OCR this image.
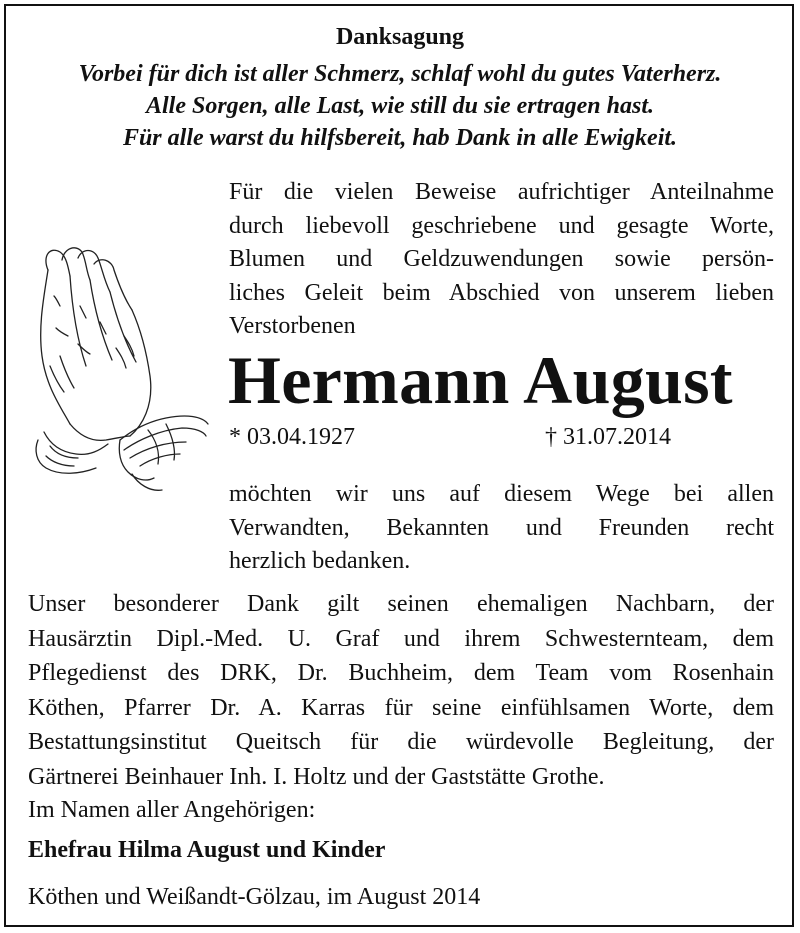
Danksagung
Vorbei für dich ist aller Schmerz, schlaf wohl du gutes Vaterherz.
Alle Sorgen, alle Last, wie still du sie ertragen hast.
Für alle warst du hilfsbereit, hab Dank in alle Ewigkeit.
Für die vielen Beweise aufrichtiger Anteilnahme
durch liebevoll geschriebene und gesagte Worte,
Blumen und Geldzuwendungen sowie persön-
liches Geleit beim Abschied von unserem lieben
Verstorbenen
Hermann August
* 03.04.1927	† 31.07.2014
möchten wir uns auf diesem Wege bei allen
Verwandten, Bekannten und Freunden recht
herzlich bedanken.
Unser besonderer Dank gilt seinen ehemaligen Nachbarn, der
Hausärztin Dipl.-Med. U. Graf und ihrem Schwesternteam, dem
Pflegedienst des DRK, Dr. Buchheim, dem Team vom Rosenhain
Köthen, Pfarrer Dr. A. Karras für seine einfühlsamen Worte, dem
Bestattungsinstitut Queitsch für die würdevolle Begleitung, der
Gärtnerei Beinhauer Inh. I. Holtz und der Gaststätte Grothe.
Im Namen aller Angehörigen:
Ehefrau Hilma August und Kinder
Köthen und Weißandt-Gölzau, im August 2014
